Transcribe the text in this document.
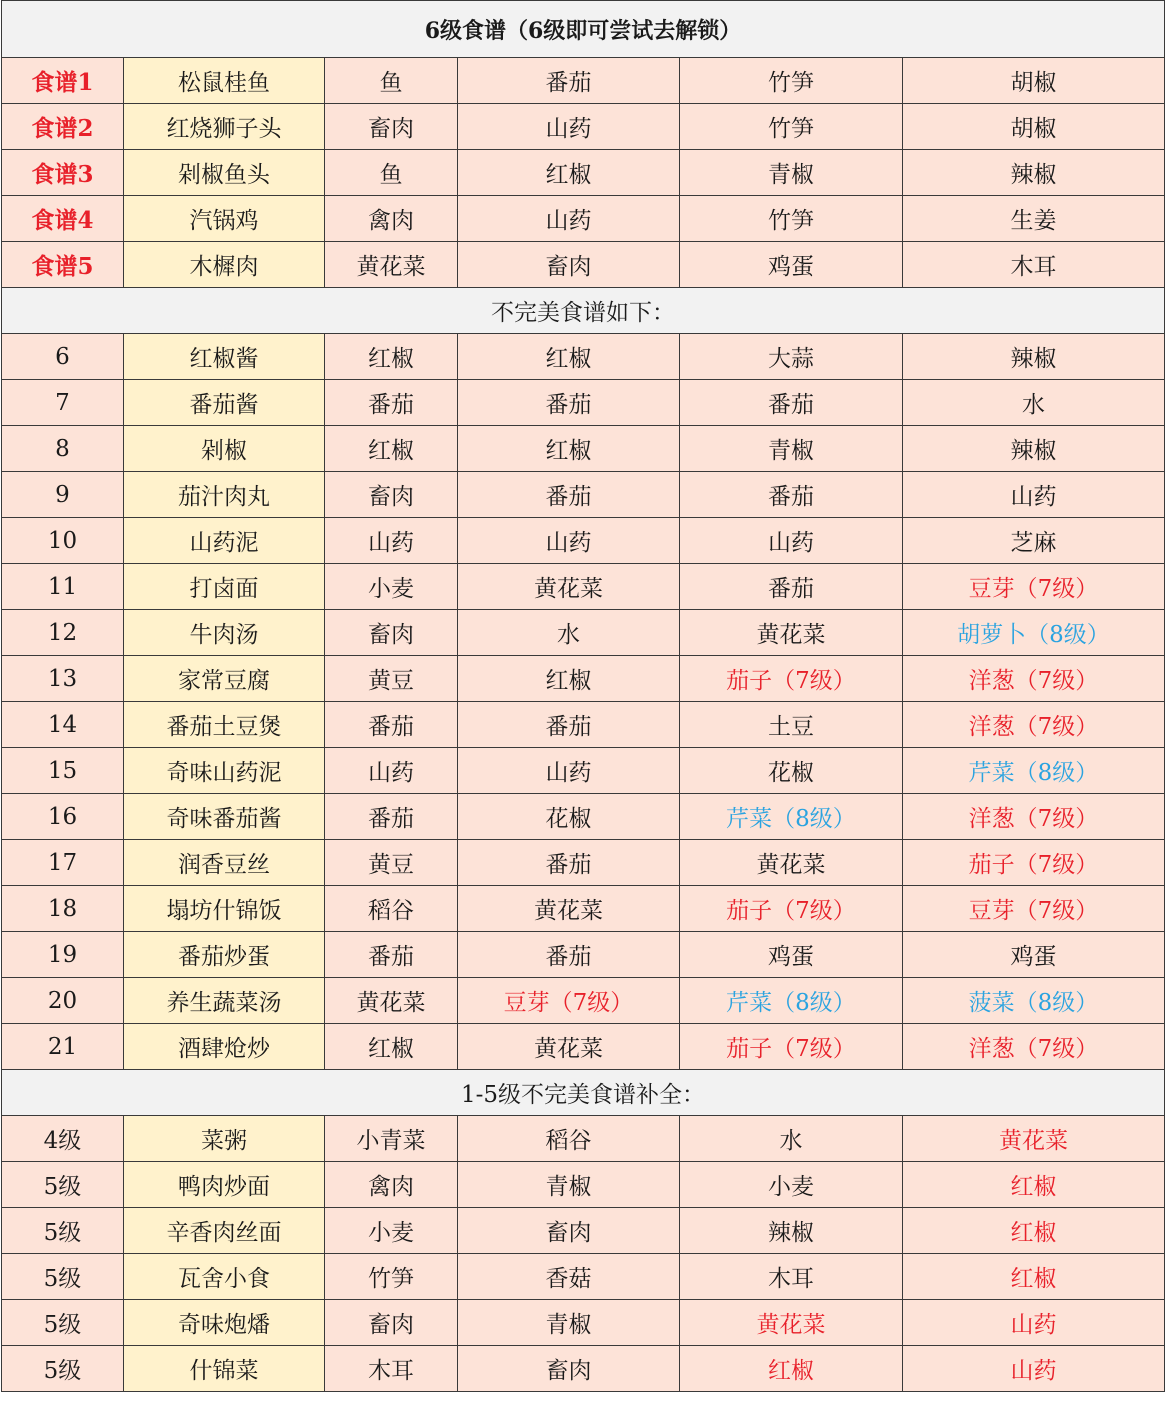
6级食谱（6级即可尝试去解锁）					
食谱1	松鼠桂鱼	鱼	番茄	竹笋	胡椒
食谱2	红烧狮子头	畜肉	山药	竹笋	胡椒
食谱3	剁椒鱼头	鱼	红椒	青椒	辣椒
食谱4	汽锅鸡	禽肉	山药	竹笋	生姜
食谱5	木樨肉	黄花菜	畜肉	鸡蛋	木耳
不完美食谱如下：					
6	红椒酱	红椒	红椒	大蒜	辣椒
7	番茄酱	番茄	番茄	番茄	水
8	剁椒	红椒	红椒	青椒	辣椒
9	茄汁肉丸	畜肉	番茄	番茄	山药
10	山药泥	山药	山药	山药	芝麻
11	打卤面	小麦	黄花菜	番茄	豆芽（7级）
12	牛肉汤	畜肉	水	黄花菜	胡萝卜（8级）
13	家常豆腐	黄豆	红椒	茄子（7级）	洋葱（7级）
14	番茄土豆煲	番茄	番茄	土豆	洋葱（7级）
15	奇味山药泥	山药	山药	花椒	芹菜（8级）
16	奇味番茄酱	番茄	花椒	芹菜（8级）	洋葱（7级）
17	润香豆丝	黄豆	番茄	黄花菜	茄子（7级）
18	塌坊什锦饭	稻谷	黄花菜	茄子（7级）	豆芽（7级）
19	番茄炒蛋	番茄	番茄	鸡蛋	鸡蛋
20	养生蔬菜汤	黄花菜	豆芽（7级）	芹菜（8级）	菠菜（8级）
21	酒肆炝炒	红椒	黄花菜	茄子（7级）	洋葱（7级）
1-5级不完美食谱补全：					
4级	菜粥	小青菜	稻谷	水	黄花菜
5级	鸭肉炒面	禽肉	青椒	小麦	红椒
5级	辛香肉丝面	小麦	畜肉	辣椒	红椒
5级	瓦舍小食	竹笋	香菇	木耳	红椒
5级	奇味炮燔	畜肉	青椒	黄花菜	山药
5级	什锦菜	木耳	畜肉	红椒	山药
